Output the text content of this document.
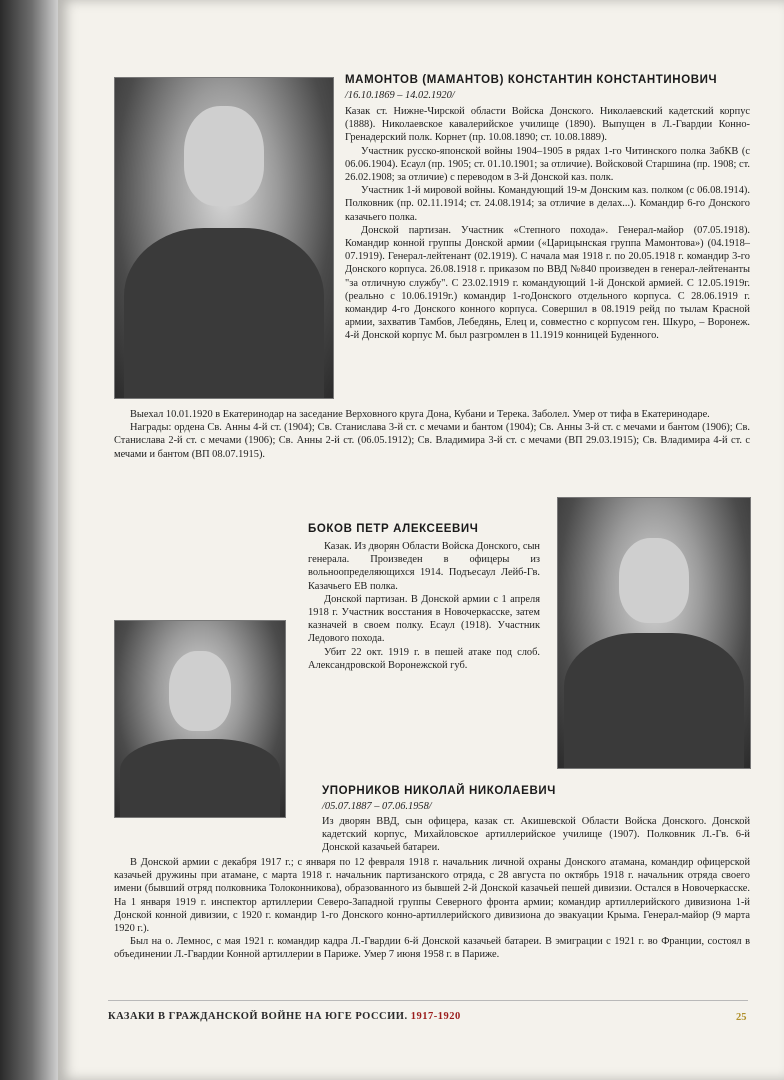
МАМОНТОВ (МАМАНТОВ) КОНСТАНТИН КОНСТАНТИНОВИЧ
/16.10.1869 – 14.02.1920/

Казак ст. Нижне-Чирской области Войска Донского. Николаевский кадетский корпус (1888). Николаевское кавалерийское училище (1890). Выпущен в Л.-Гвардии Конно-Гренадерский полк. Корнет (пр. 10.08.1890; ст. 10.08.1889).

Участник русско-японской войны 1904–1905 в рядах 1-го Читинского полка ЗабКВ (с 06.06.1904). Есаул (пр. 1905; ст. 01.10.1901; за отличие). Войсковой Старшина (пр. 1908; ст. 26.02.1908; за отличие) с переводом в 3-й Донской каз. полк.

Участник 1-й мировой войны. Командующий 19-м Донским каз. полком (с 06.08.1914). Полковник (пр. 02.11.1914; ст. 24.08.1914; за отличие в делах...). Командир 6-го Донского казачьего полка.

Донской партизан. Участник «Степного похода». Генерал-майор (07.05.1918). Командир конной группы Донской армии («Царицынская группа Мамонтова») (04.1918–07.1919). Генерал-лейтенант (02.1919). С начала мая 1918 г. по 20.05.1918 г. командир 3-го Донского корпуса. 26.08.1918 г. приказом по ВВД №840 произведен в генерал-лейтенанты "за отличную службу". С 23.02.1919 г. командующий 1-й Донской армией. С 12.05.1919г. (реально с 10.06.1919г.) командир 1-гоДонского отдельного корпуса. С 28.06.1919 г. командир 4-го Донского конного корпуса. Совершил в 08.1919 рейд по тылам Красной армии, захватив Тамбов, Лебедянь, Елец и, совместно с корпусом ген. Шкуро, – Воронеж. 4-й Донской корпус М. был разгромлен в 11.1919 конницей Буденного.

Выехал 10.01.1920 в Екатеринодар на заседание Верховного круга Дона, Кубани и Терека. Заболел. Умер от тифа в Екатеринодаре.

Награды: ордена Св. Анны 4-й ст. (1904); Св. Станислава 3-й ст. с мечами и бантом (1904); Св. Анны 3-й ст. с мечами и бантом (1906); Св. Станислава 2-й ст. с мечами (1906); Св. Анны 2-й ст. (06.05.1912); Св. Владимира 3-й ст. с мечами (ВП 29.03.1915); Св. Владимира 4-й ст. с мечами и бантом (ВП 08.07.1915).

БОКОВ ПЕТР АЛЕКСЕЕВИЧ

Казак. Из дворян Области Войска Донского, сын генерала. Произведен в офицеры из вольноопределяющихся 1914. Подъесаул Лейб-Гв. Казачьего ЕВ полка.

Донской партизан. В Донской армии с 1 апреля 1918 г. Участник восстания в Новочеркасске, затем казначей в своем полку. Есаул (1918). Участник Ледового похода.

Убит 22 окт. 1919 г. в пешей атаке под слоб. Александровской Воронежской губ.

УПОРНИКОВ НИКОЛАЙ НИКОЛАЕВИЧ
/05.07.1887 – 07.06.1958/

Из дворян ВВД, сын офицера, казак ст. Акишевской Области Войска Донского. Донской кадетский корпус, Михайловское артиллерийское училище (1907). Полковник Л.-Гв. 6-й Донской казачьей батареи.

В Донской армии с декабря 1917 г.; с января по 12 февраля 1918 г. начальник личной охраны Донского атамана, командир офицерской казачьей дружины при атамане, с марта 1918 г. начальник партизанского отряда, с 28 августа по октябрь 1918 г. начальник отряда своего имени (бывший отряд полковника Толоконникова), образованного из бывшей 2-й Донской казачьей пешей дивизии. Остался в Новочеркасске. На 1 января 1919 г. инспектор артиллерии Северо-Западной группы Северного фронта армии; командир артиллерийского дивизиона 1-й Донской конной дивизии, с 1920 г. командир 1-го Донского конно-артиллерийского дивизиона до эвакуации Крыма. Генерал-майор (9 марта 1920 г.).

Был на о. Лемнос, с мая 1921 г. командир кадра Л.-Гвардии 6-й Донской казачьей батареи. В эмиграции с 1921 г. во Франции, состоял в объединении Л.-Гвардии Конной артиллерии в Париже. Умер 7 июня 1958 г. в Париже.

КАЗАКИ В ГРАЖДАНСКОЙ ВОЙНЕ НА ЮГЕ РОССИИ. 1917-1920	25
